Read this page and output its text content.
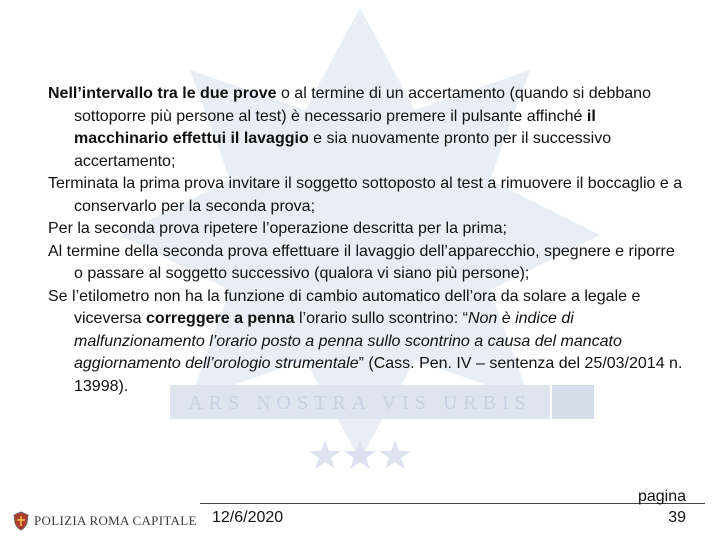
ARS NOSTRA VIS URBIS

Nell’intervallo tra le due prove o al termine di un accertamento (quando si debbano sottoporre più persone al test) è necessario premere il pulsante affinché il macchinario effettui il lavaggio e sia nuovamente pronto per il successivo accertamento;

Terminata la prima prova invitare il soggetto sottoposto al test a rimuovere il boccaglio e a conservarlo per la seconda prova;

Per la seconda prova ripetere l’operazione descritta per la prima;

Al termine della seconda prova effettuare il lavaggio dell’apparecchio, spegnere e riporre o passare al soggetto successivo (qualora vi siano più persone);

Se l’etilometro non ha la funzione di cambio automatico dell’ora da solare a legale e viceversa correggere a penna l’orario sullo scontrino: “Non è indice di malfunzionamento l’orario posto a penna sullo scontrino a causa del mancato aggiornamento dell’orologio strumentale” (Cass. Pen. IV – sentenza del 25/03/2014 n. 13998).

POLIZIA ROMA CAPITALE 12/6/2020
pagina
39
